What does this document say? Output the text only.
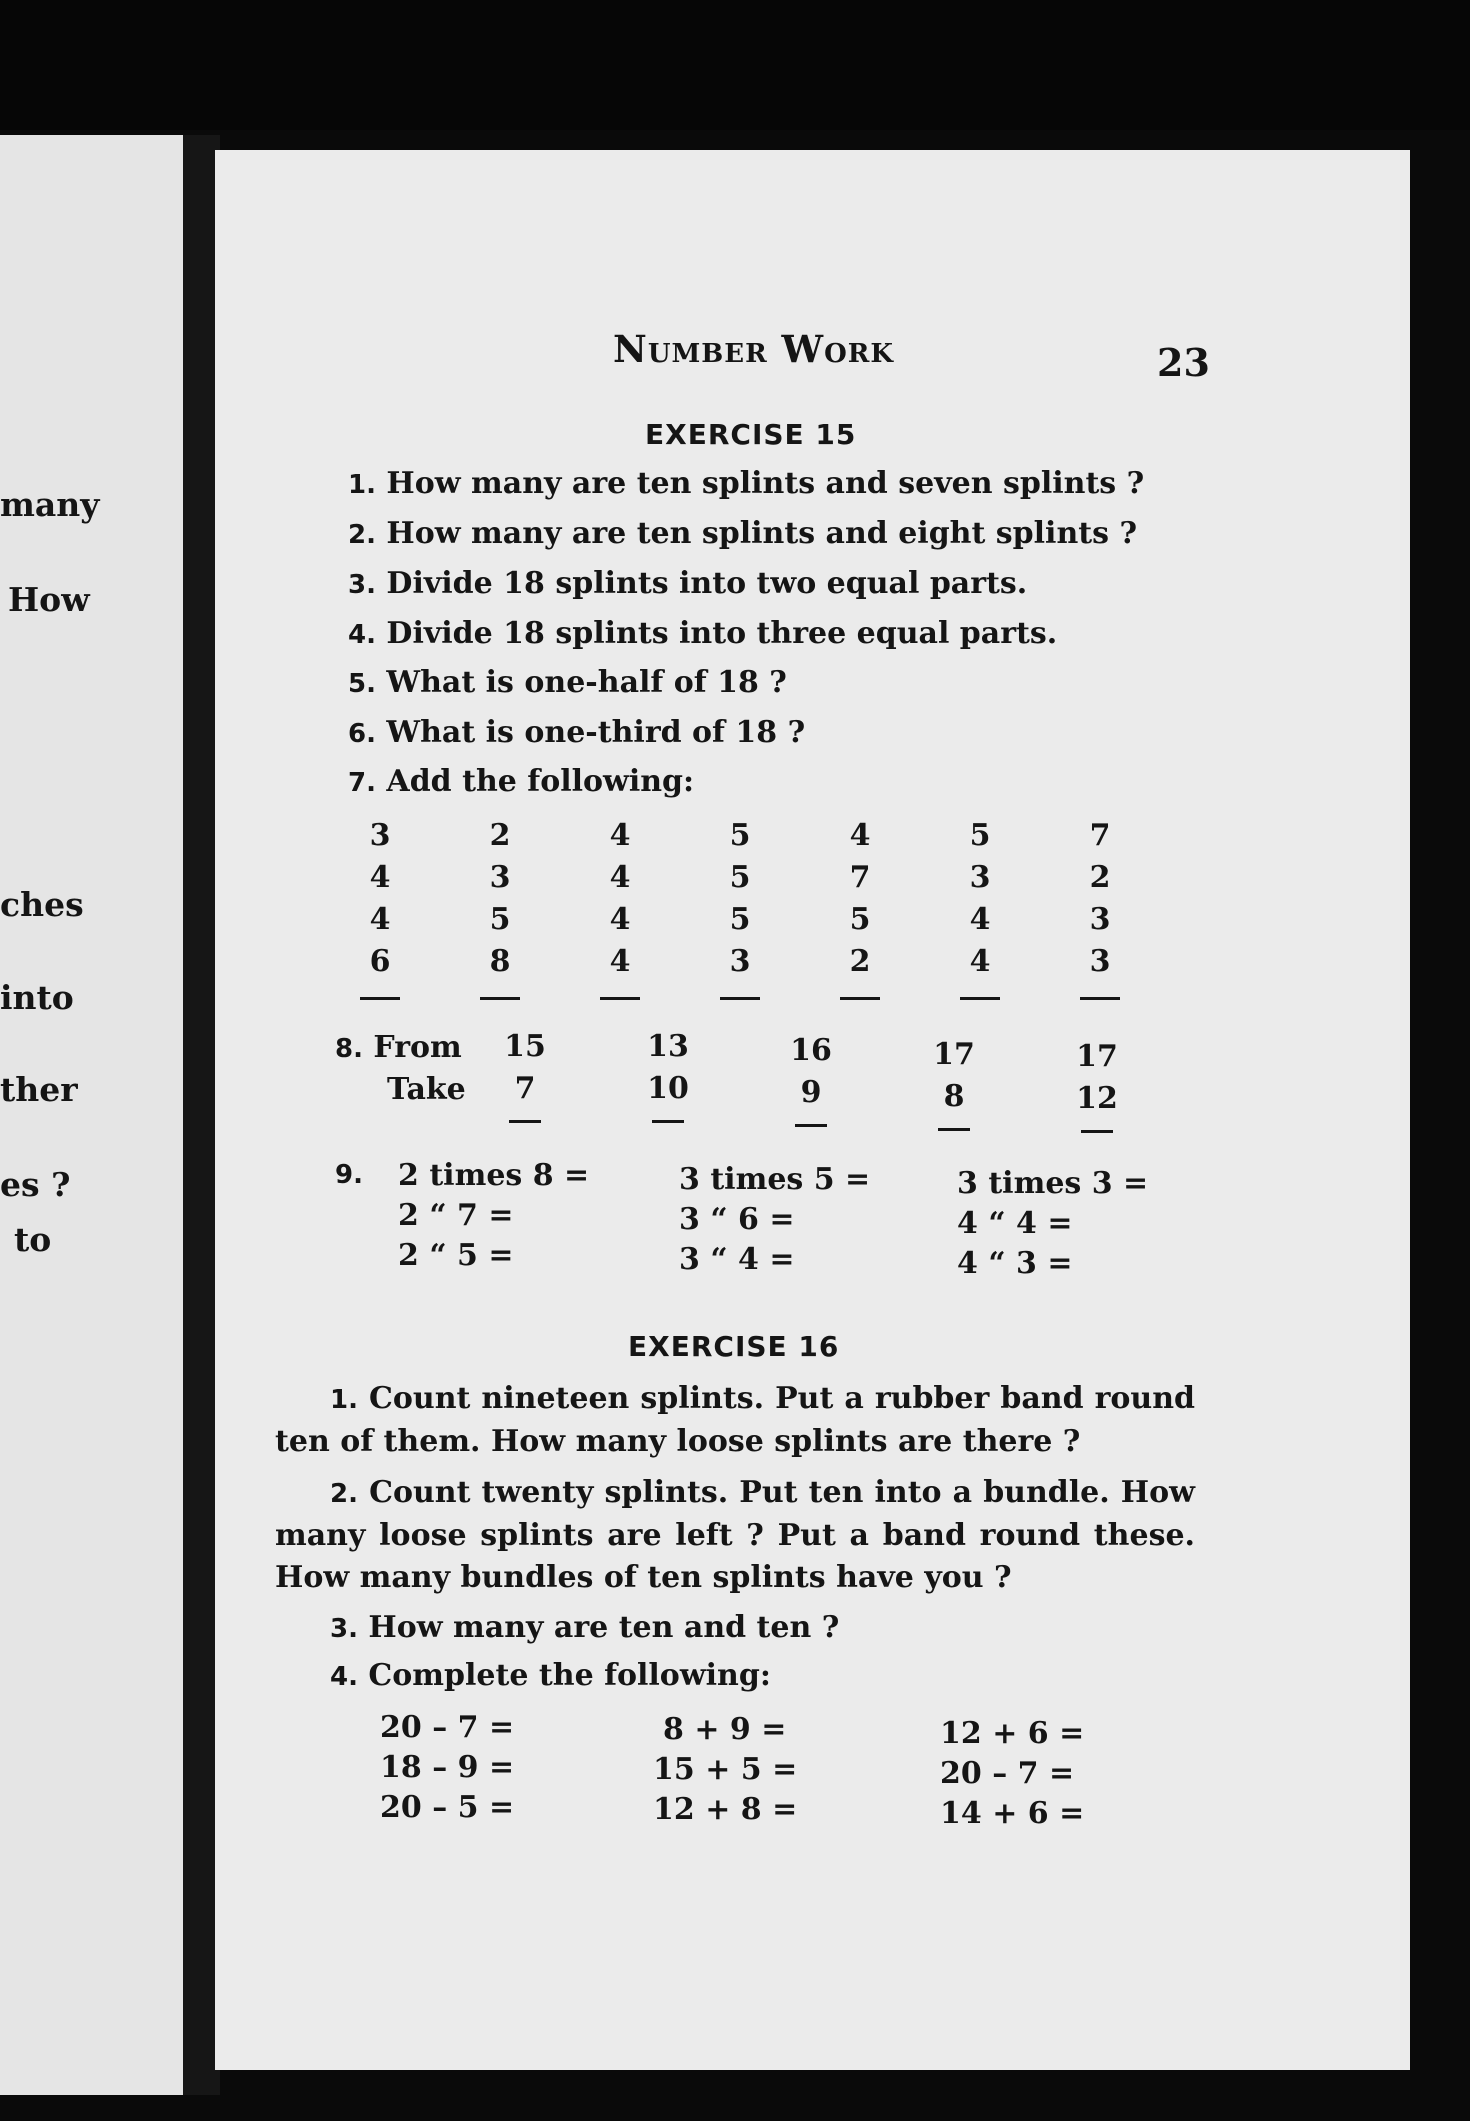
many
How
ches
into
ther
es ?
to
Number Work	23
EXERCISE 15
1. How many are ten splints and seven splints ?
2. How many are ten splints and eight splints ?
3. Divide 18 splints into two equal parts.
4. Divide 18 splints into three equal parts.
5. What is one-half of 18 ?
6. What is one-third of 18 ?
7. Add the following:
3
4
4
6
2
3
5
8
4
4
4
4
5
5
5
3
4
7
5
2
5
3
4
4
7
2
3
3
8. From
Take
15
7
13
10
16
9
17
8
17
12
9. 2 times 8 =
2 “ 7 =
2 “ 5 =
3 times 5 =
3 “ 6 =
3 “ 4 =
3 times 3 =
4 “ 4 =
4 “ 3 =
EXERCISE 16
1. Count nineteen splints. Put a rubber band round ten of them. How many loose splints are there ?
2. Count twenty splints. Put ten into a bundle. How many loose splints are left ? Put a band round these. How many bundles of ten splints have you ?
3. How many are ten and ten ?
4. Complete the following:
20 – 7 =
18 – 9 =
20 – 5 =
8 + 9 =
15 + 5 =
12 + 8 =
12 + 6 =
20 – 7 =
14 + 6 =
